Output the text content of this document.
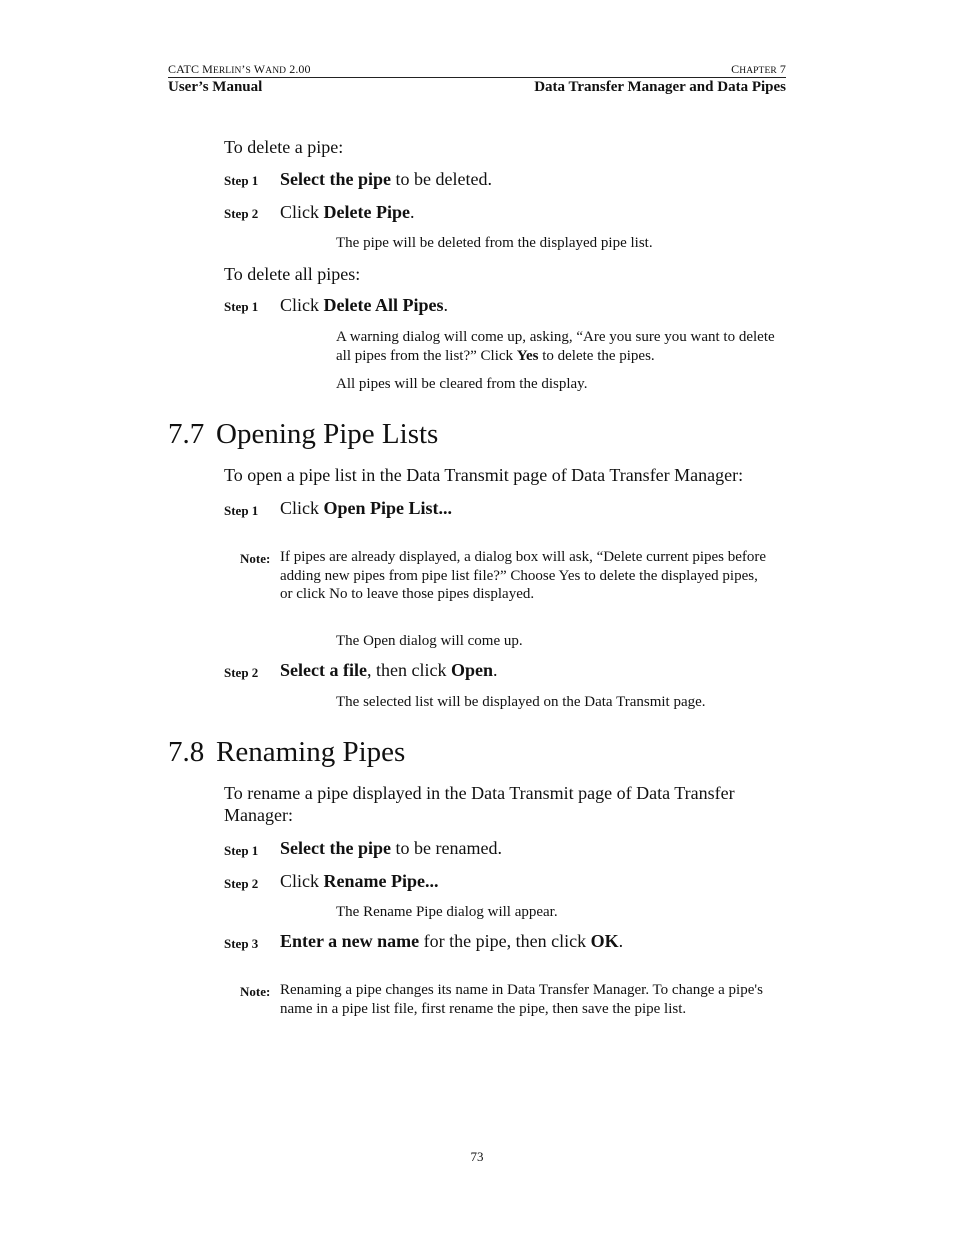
CATC MERLIN’S WAND 2.00	CHAPTER 7
User’s Manual	Data Transfer Manager and Data Pipes
To delete a pipe:
Step 1 Select the pipe to be deleted.
Step 2 Click Delete Pipe.
The pipe will be deleted from the displayed pipe list.
To delete all pipes:
Step 1 Click Delete All Pipes.
A warning dialog will come up, asking, “Are you sure you want to delete
all pipes from the list?” Click Yes to delete the pipes.
All pipes will be cleared from the display.
7.7 Opening Pipe Lists
To open a pipe list in the Data Transmit page of Data Transfer Manager:
Step 1 Click Open Pipe List...
Note: If pipes are already displayed, a dialog box will ask, “Delete current pipes before
adding new pipes from pipe list file?” Choose Yes to delete the displayed pipes,
or click No to leave those pipes displayed.
The Open dialog will come up.
Step 2 Select a file, then click Open.
The selected list will be displayed on the Data Transmit page.
7.8 Renaming Pipes
To rename a pipe displayed in the Data Transmit page of Data Transfer
Manager:
Step 1 Select the pipe to be renamed.
Step 2 Click Rename Pipe...
The Rename Pipe dialog will appear.
Step 3 Enter a new name for the pipe, then click OK.
Note: Renaming a pipe changes its name in Data Transfer Manager. To change a pipe's
name in a pipe list file, first rename the pipe, then save the pipe list.
73
